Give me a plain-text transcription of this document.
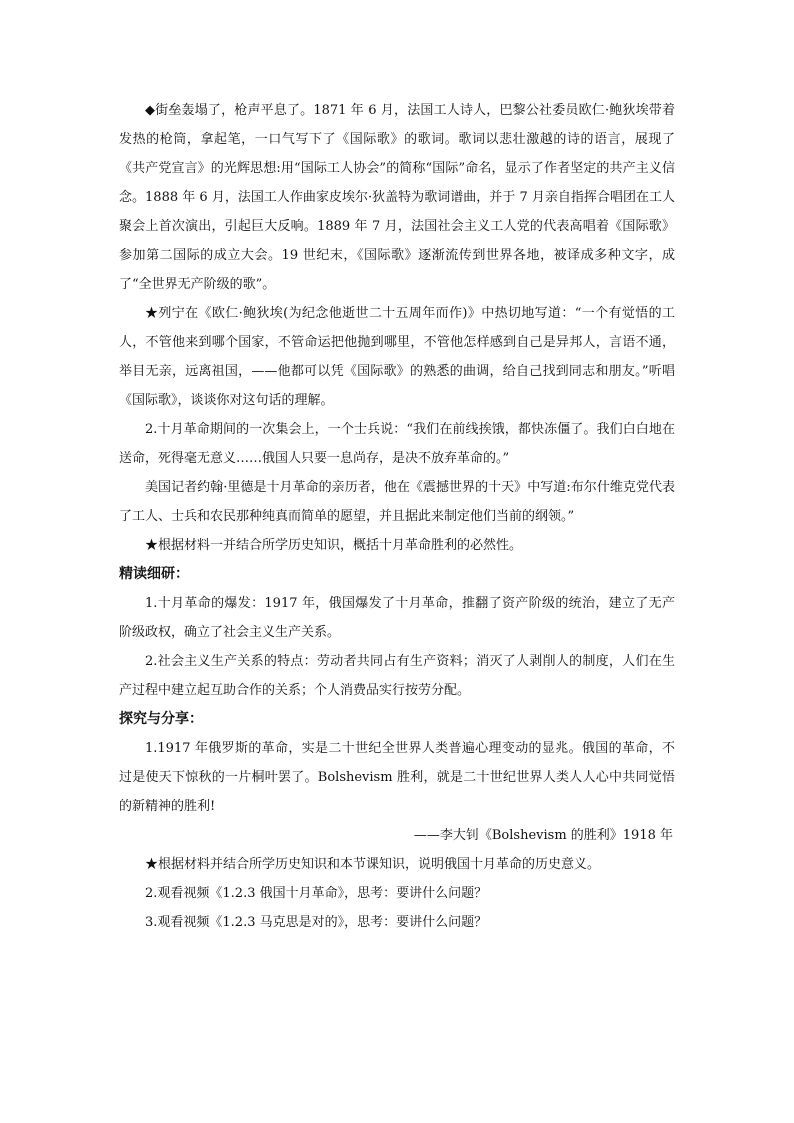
◆街垒轰塌了，枪声平息了。1871 年 6 月，法国工人诗人，巴黎公社委员欧仁·鲍狄埃带着发热的枪筒，拿起笔，一口气写下了《国际歌》的歌词。歌词以悲壮激越的诗的语言，展现了《共产党宣言》的光辉思想:用“国际工人协会”的简称“国际”命名，显示了作者坚定的共产主义信念。1888 年 6 月，法国工人作曲家皮埃尔·狄盖特为歌词谱曲，并于 7 月亲自指挥合唱团在工人聚会上首次演出，引起巨大反响。1889 年 7 月，法国社会主义工人党的代表高唱着《国际歌》参加第二国际的成立大会。19 世纪末，《国际歌》逐渐流传到世界各地，被译成多种文字，成了“全世界无产阶级的歌”。

★列宁在《欧仁·鲍狄埃(为纪念他逝世二十五周年而作)》中热切地写道：“一个有觉悟的工人，不管他来到哪个国家，不管命运把他抛到哪里，不管他怎样感到自己是异邦人，言语不通，举目无亲，远离祖国，——他都可以凭《国际歌》的熟悉的曲调，给自己找到同志和朋友。”听唱《国际歌》，谈谈你对这句话的理解。

2.十月革命期间的一次集会上，一个士兵说：“我们在前线挨饿，都快冻僵了。我们白白地在送命，死得毫无意义……俄国人只要一息尚存，是决不放弃革命的。”

美国记者约翰·里德是十月革命的亲历者，他在《震撼世界的十天》中写道:布尔什维克党代表了工人、士兵和农民那种纯真而简单的愿望，并且据此来制定他们当前的纲领。”

★根据材料一并结合所学历史知识，概括十月革命胜利的必然性。

精读细研：

1.十月革命的爆发：1917 年，俄国爆发了十月革命，推翻了资产阶级的统治，建立了无产阶级政权，确立了社会主义生产关系。

2.社会主义生产关系的特点：劳动者共同占有生产资料；消灭了人剥削人的制度，人们在生产过程中建立起互助合作的关系；个人消费品实行按劳分配。

探究与分享：

1.1917 年俄罗斯的革命，实是二十世纪全世界人类普遍心理变动的显兆。俄国的革命，不过是使天下惊秋的一片桐叶罢了。Bolshevism 胜利，就是二十世纪世界人类人人心中共同觉悟的新精神的胜利!

——李大钊《Bolshevism 的胜利》1918 年

★根据材料并结合所学历史知识和本节课知识，说明俄国十月革命的历史意义。

2.观看视频《1.2.3 俄国十月革命》，思考：要讲什么问题？

3.观看视频《1.2.3 马克思是对的》，思考：要讲什么问题？
